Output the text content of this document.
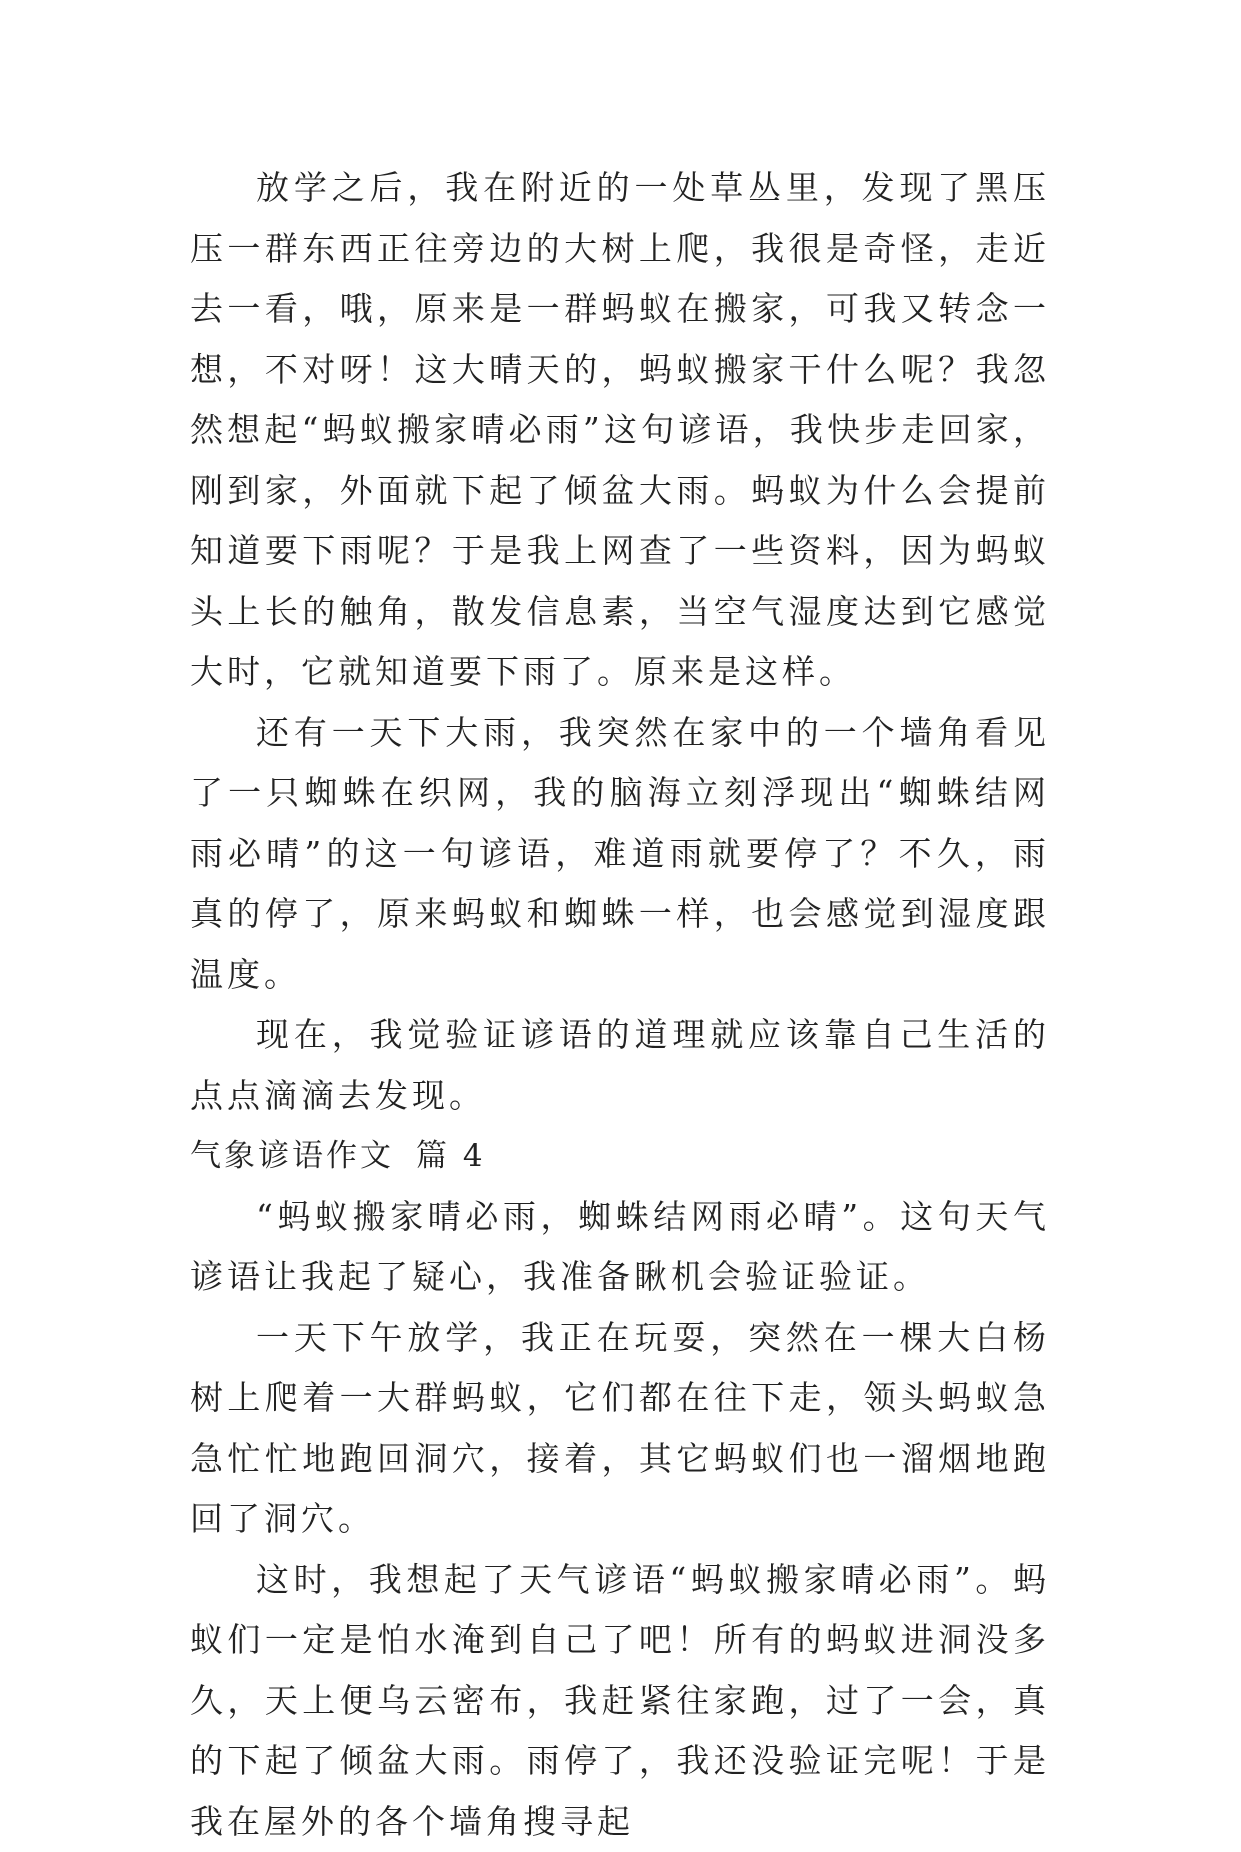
放学之后，我在附近的一处草丛里，发现了黑压压一群东西正往旁边的大树上爬，我很是奇怪，走近去一看，哦，原来是一群蚂蚁在搬家，可我又转念一想，不对呀！这大晴天的，蚂蚁搬家干什么呢？我忽然想起“蚂蚁搬家晴必雨”这句谚语，我快步走回家，刚到家，外面就下起了倾盆大雨。蚂蚁为什么会提前知道要下雨呢？于是我上网查了一些资料，因为蚂蚁头上长的触角，散发信息素，当空气湿度达到它感觉大时，它就知道要下雨了。原来是这样。

还有一天下大雨，我突然在家中的一个墙角看见了一只蜘蛛在织网，我的脑海立刻浮现出“蜘蛛结网雨必晴”的这一句谚语，难道雨就要停了？不久，雨真的停了，原来蚂蚁和蜘蛛一样，也会感觉到湿度跟温度。

现在，我觉验证谚语的道理就应该靠自己生活的点点滴滴去发现。

气象谚语作文 篇 4

“蚂蚁搬家晴必雨，蜘蛛结网雨必晴”。这句天气谚语让我起了疑心，我准备瞅机会验证验证。

一天下午放学，我正在玩耍，突然在一棵大白杨树上爬着一大群蚂蚁，它们都在往下走，领头蚂蚁急急忙忙地跑回洞穴，接着，其它蚂蚁们也一溜烟地跑回了洞穴。

这时，我想起了天气谚语“蚂蚁搬家晴必雨”。蚂蚁们一定是怕水淹到自己了吧！所有的蚂蚁进洞没多久，天上便乌云密布，我赶紧往家跑，过了一会，真的下起了倾盆大雨。雨停了，我还没验证完呢！于是我在屋外的各个墙角搜寻起
